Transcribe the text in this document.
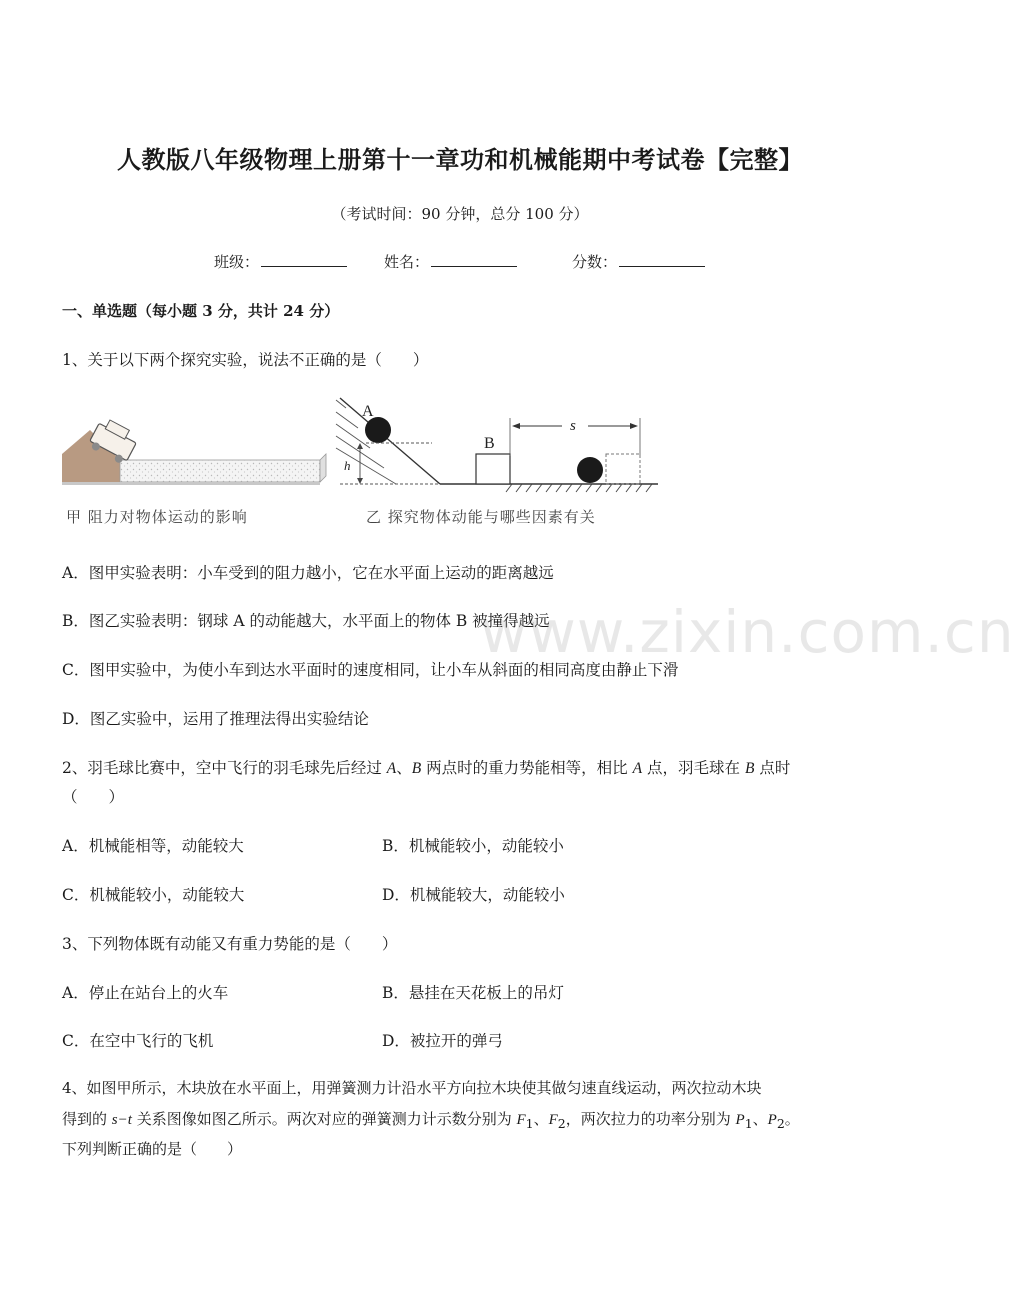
人教版八年级物理上册第十一章功和机械能期中考试卷【完整】
（考试时间：90 分钟，总分 100 分）
班级：	姓名：	分数：
一、单选题（每小题 3 分，共计 24 分）
1、关于以下两个探究实验，说法不正确的是（　　）
甲 阻力对物体运动的影响
A
h
B
s
乙 探究物体动能与哪些因素有关
A．图甲实验表明：小车受到的阻力越小，它在水平面上运动的距离越远
B．图乙实验表明：钢球 A 的动能越大，水平面上的物体 B 被撞得越远
C．图甲实验中，为使小车到达水平面时的速度相同，让小车从斜面的相同高度由静止下滑
D．图乙实验中，运用了推理法得出实验结论
2、羽毛球比赛中，空中飞行的羽毛球先后经过 A、B 两点时的重力势能相等，相比 A 点，羽毛球在 B 点时
（　　）
A．机械能相等，动能较大	B．机械能较小，动能较小
C．机械能较小，动能较大	D．机械能较大，动能较小
3、下列物体既有动能又有重力势能的是（　　）
A．停止在站台上的火车	B．悬挂在天花板上的吊灯
C．在空中飞行的飞机	D．被拉开的弹弓
4、如图甲所示，木块放在水平面上，用弹簧测力计沿水平方向拉木块使其做匀速直线运动，两次拉动木块
得到的 s−t 关系图像如图乙所示。两次对应的弹簧测力计示数分别为 $F_1$、$F_2$，两次拉力的功率分别为 $P_1$、$P_2$。
下列判断正确的是（　　）
www.zixin.com.cn
